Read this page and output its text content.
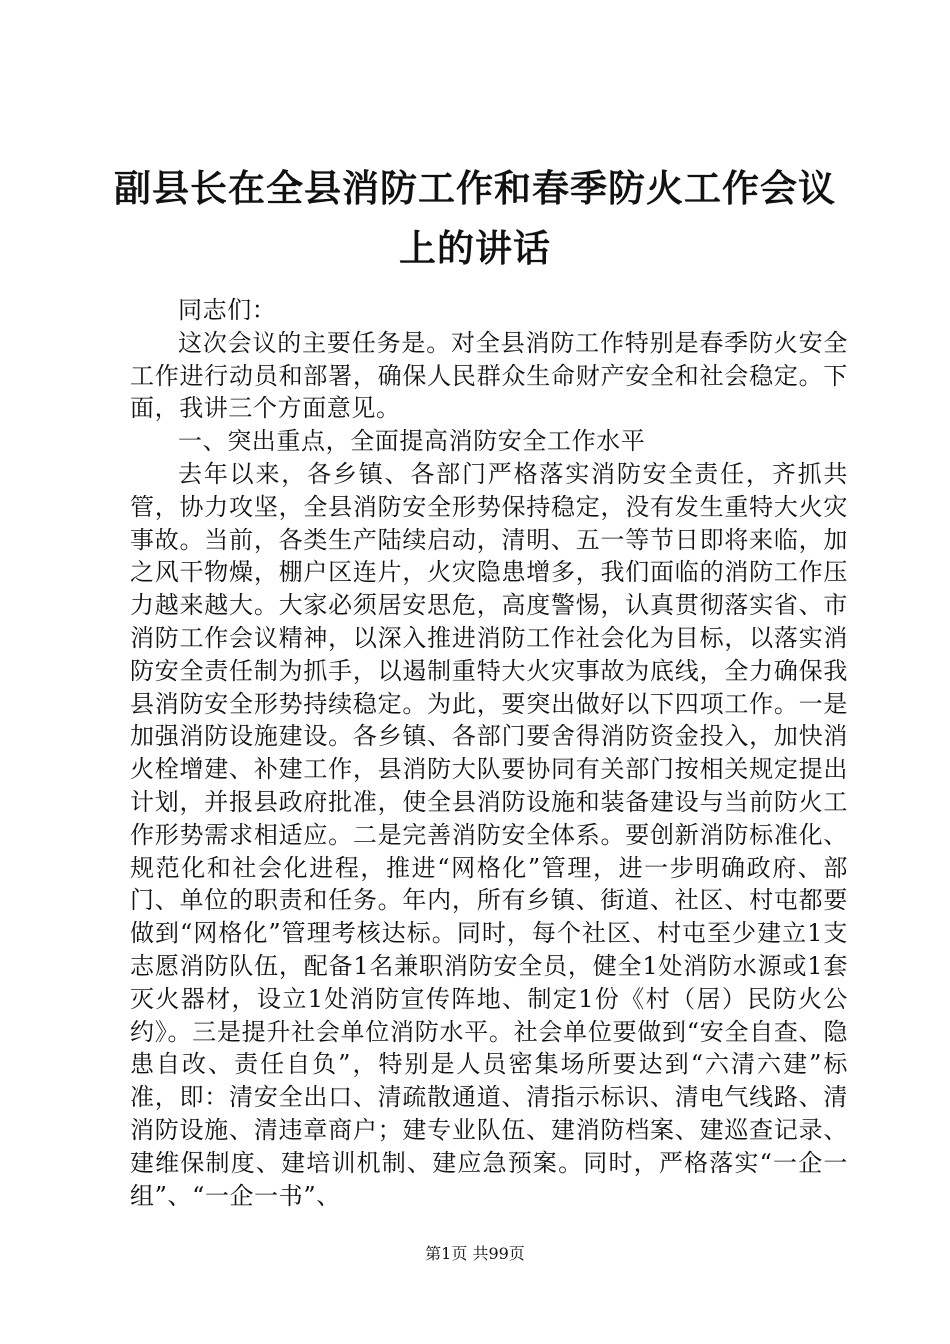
副县长在全县消防工作和春季防火工作会议上的讲话

同志们：

这次会议的主要任务是。对全县消防工作特别是春季防火安全工作进行动员和部署，确保人民群众生命财产安全和社会稳定。下面，我讲三个方面意见。

一、突出重点，全面提高消防安全工作水平

去年以来，各乡镇、各部门严格落实消防安全责任，齐抓共管，协力攻坚，全县消防安全形势保持稳定，没有发生重特大火灾事故。当前，各类生产陆续启动，清明、五一等节日即将来临，加之风干物燥，棚户区连片，火灾隐患增多，我们面临的消防工作压力越来越大。大家必须居安思危，高度警惕，认真贯彻落实省、市消防工作会议精神，以深入推进消防工作社会化为目标，以落实消防安全责任制为抓手，以遏制重特大火灾事故为底线，全力确保我县消防安全形势持续稳定。为此，要突出做好以下四项工作。一是加强消防设施建设。各乡镇、各部门要舍得消防资金投入，加快消火栓增建、补建工作，县消防大队要协同有关部门按相关规定提出计划，并报县政府批准，使全县消防设施和装备建设与当前防火工作形势需求相适应。二是完善消防安全体系。要创新消防标准化、规范化和社会化进程，推进“网格化”管理，进一步明确政府、部门、单位的职责和任务。年内，所有乡镇、街道、社区、村屯都要做到“网格化”管理考核达标。同时，每个社区、村屯至少建立1支志愿消防队伍，配备1名兼职消防安全员，健全1处消防水源或1套灭火器材，设立1处消防宣传阵地、制定1份《村（居）民防火公约》。三是提升社会单位消防水平。社会单位要做到“安全自查、隐患自改、责任自负”，特别是人员密集场所要达到“六清六建”标准，即：清安全出口、清疏散通道、清指示标识、清电气线路、清消防设施、清违章商户；建专业队伍、建消防档案、建巡查记录、建维保制度、建培训机制、建应急预案。同时，严格落实“一企一组”、“一企一书”、

第1页 共99页
